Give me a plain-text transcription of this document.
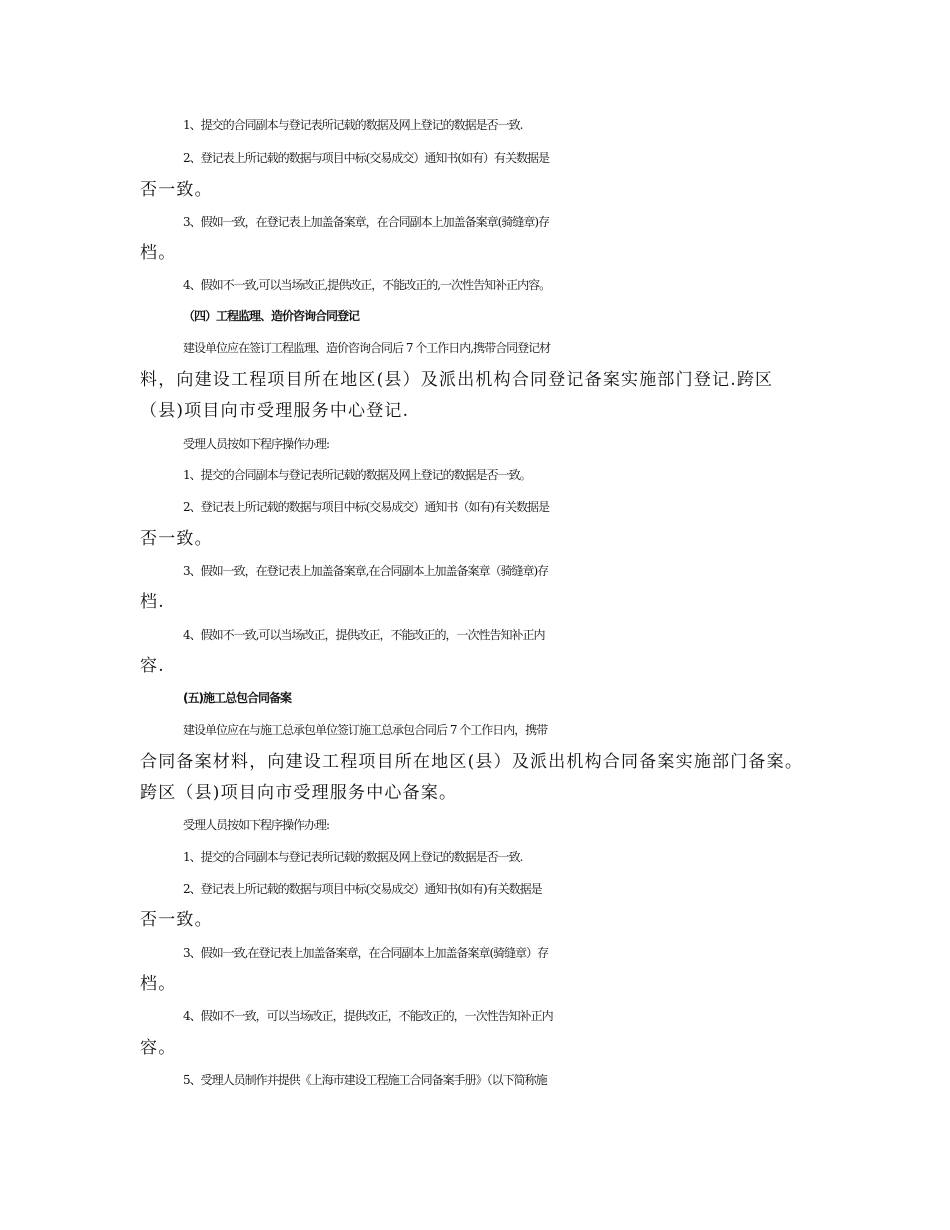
1、提交的合同副本与登记表所记载的数据及网上登记的数据是否一致.
2、登记表上所记载的数据与项目中标(交易成交）通知书(如有）有关数据是
否一致。
3、假如一致，在登记表上加盖备案章，在合同副本上加盖备案章(骑缝章)存
档。
4、假如不一致,可以当场改正,提供改正，不能改正的,一次性告知补正内容。
（四）工程监理、造价咨询合同登记
建设单位应在签订工程监理、造价咨询合同后 7 个工作日内,携带合同登记材
料，向建设工程项目所在地区(县）及派出机构合同登记备案实施部门登记.跨区
（县)项目向市受理服务中心登记.
受理人员按如下程序操作办理:
1、提交的合同副本与登记表所记载的数据及网上登记的数据是否一致。
2、登记表上所记载的数据与项目中标(交易成交）通知书（如有)有关数据是
否一致。
3、假如一致，在登记表上加盖备案章,在合同副本上加盖备案章（骑缝章)存
档.
4、假如不一致,可以当场改正，提供改正，不能改正的，一次性告知补正内
容.
(五)施工总包合同备案
建设单位应在与施工总承包单位签订施工总承包合同后 7 个工作日内，携带
合同备案材料，向建设工程项目所在地区(县）及派出机构合同备案实施部门备案。
跨区（县)项目向市受理服务中心备案。
受理人员按如下程序操作办理:
1、提交的合同副本与登记表所记载的数据及网上登记的数据是否一致.
2、登记表上所记载的数据与项目中标(交易成交）通知书(如有)有关数据是
否一致。
3、假如一致,在登记表上加盖备案章，在合同副本上加盖备案章(骑缝章）存
档。
4、假如不一致，可以当场改正，提供改正，不能改正的，一次性告知补正内
容。
5、受理人员制作并提供《上海市建设工程施工合同备案手册》（以下简称施
